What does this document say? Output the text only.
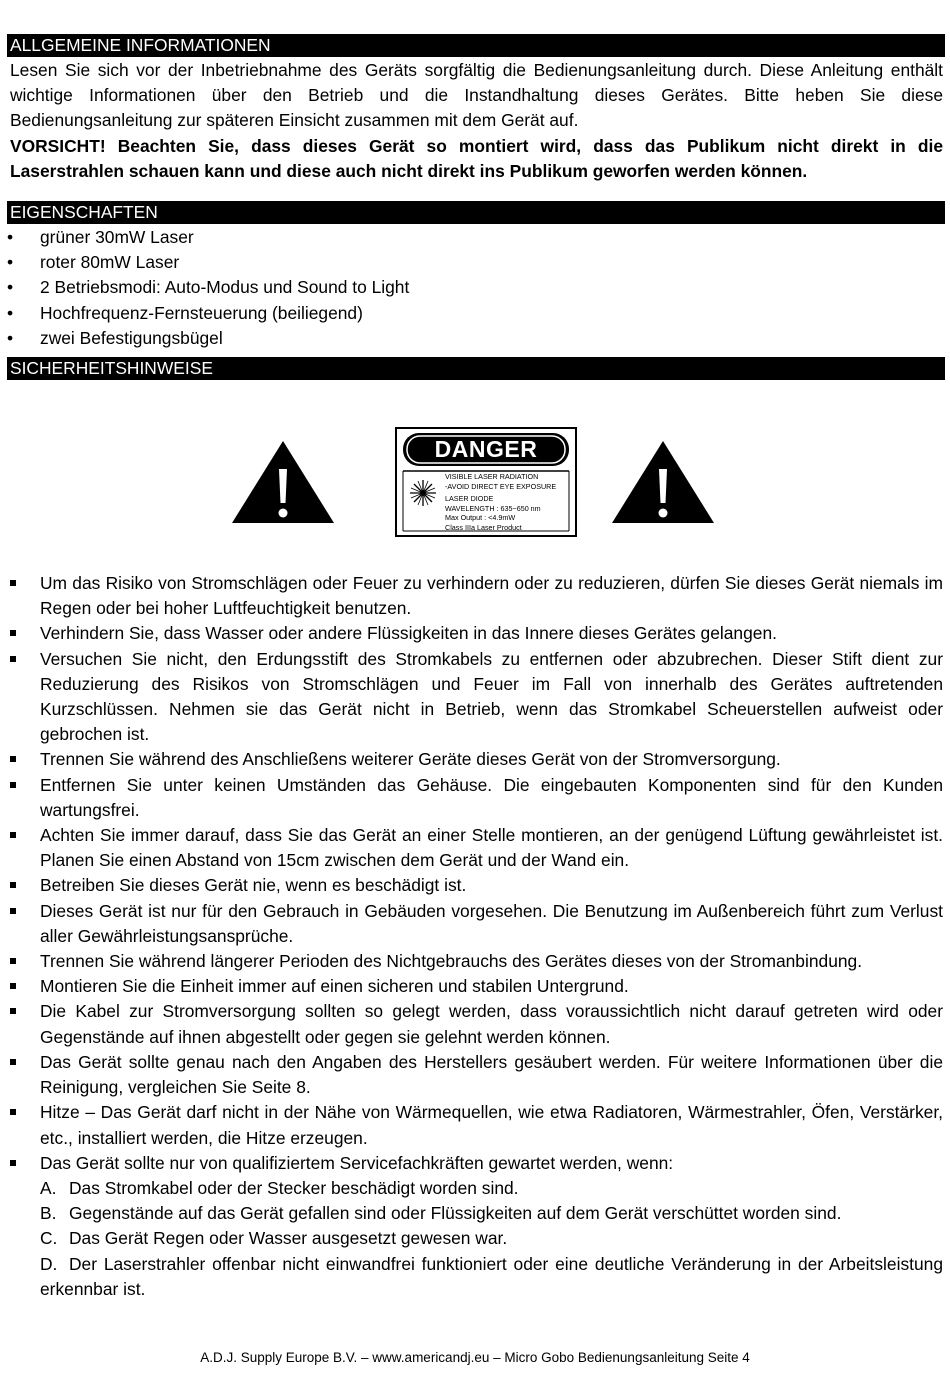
ALLGEMEINE INFORMATIONEN

Lesen Sie sich vor der Inbetriebnahme des Geräts sorgfältig die Bedienungsanleitung durch. Diese Anleitung enthält wichtige Informationen über den Betrieb und die Instandhaltung dieses Gerätes. Bitte heben Sie diese Bedienungsanleitung zur späteren Einsicht zusammen mit dem Gerät auf.

VORSICHT! Beachten Sie, dass dieses Gerät so montiert wird, dass das Publikum nicht direkt in die Laserstrahlen schauen kann und diese auch nicht direkt ins Publikum geworfen werden können.

EIGENSCHAFTEN
• grüner 30mW Laser
• roter 80mW Laser
• 2 Betriebsmodi: Auto-Modus und Sound to Light
• Hochfrequenz-Fernsteuerung (beiliegend)
• zwei Befestigungsbügel
SICHERHEITSHINWEISE
DANGER
VISIBLE LASER RADIATION
-AVOID DIRECT EYE EXPOSURE
LASER DIODE
WAVELENGTH : 635~650 nm
Max Output : <4.9mW
Class IIIa Laser Product
Um das Risiko von Stromschlägen oder Feuer zu verhindern oder zu reduzieren, dürfen Sie dieses Gerät niemals im Regen oder bei hoher Luftfeuchtigkeit benutzen.
Verhindern Sie, dass Wasser oder andere Flüssigkeiten in das Innere dieses Gerätes gelangen.
Versuchen Sie nicht, den Erdungsstift des Stromkabels zu entfernen oder abzubrechen. Dieser Stift dient zur Reduzierung des Risikos von Stromschlägen und Feuer im Fall von innerhalb des Gerätes auftretenden Kurzschlüssen. Nehmen sie das Gerät nicht in Betrieb, wenn das Stromkabel Scheuerstellen aufweist oder gebrochen ist.
Trennen Sie während des Anschließens weiterer Geräte dieses Gerät von der Stromversorgung.
Entfernen Sie unter keinen Umständen das Gehäuse. Die eingebauten Komponenten sind für den Kunden wartungsfrei.
Achten Sie immer darauf, dass Sie das Gerät an einer Stelle montieren, an der genügend Lüftung gewährleistet ist. Planen Sie einen Abstand von 15cm zwischen dem Gerät und der Wand ein.
Betreiben Sie dieses Gerät nie, wenn es beschädigt ist.
Dieses Gerät ist nur für den Gebrauch in Gebäuden vorgesehen. Die Benutzung im Außenbereich führt zum Verlust aller Gewährleistungsansprüche.
Trennen Sie während längerer Perioden des Nichtgebrauchs des Gerätes dieses von der Stromanbindung.
Montieren Sie die Einheit immer auf einen sicheren und stabilen Untergrund.
Die Kabel zur Stromversorgung sollten so gelegt werden, dass voraussichtlich nicht darauf getreten wird oder Gegenstände auf ihnen abgestellt oder gegen sie gelehnt werden können.
Das Gerät sollte genau nach den Angaben des Herstellers gesäubert werden. Für weitere Informationen über die Reinigung, vergleichen Sie Seite 8.
Hitze – Das Gerät darf nicht in der Nähe von Wärmequellen, wie etwa Radiatoren, Wärmestrahler, Öfen, Verstärker, etc., installiert werden, die Hitze erzeugen.
Das Gerät sollte nur von qualifiziertem Servicefachkräften gewartet werden, wenn:
A. Das Stromkabel oder der Stecker beschädigt worden sind.
B. Gegenstände auf das Gerät gefallen sind oder Flüssigkeiten auf dem Gerät verschüttet worden sind.
C. Das Gerät Regen oder Wasser ausgesetzt gewesen war.
D. Der Laserstrahler offenbar nicht einwandfrei funktioniert oder eine deutliche Veränderung in der Arbeitsleistung erkennbar ist.
A.D.J. Supply Europe B.V. – www.americandj.eu – Micro Gobo Bedienungsanleitung Seite 4
